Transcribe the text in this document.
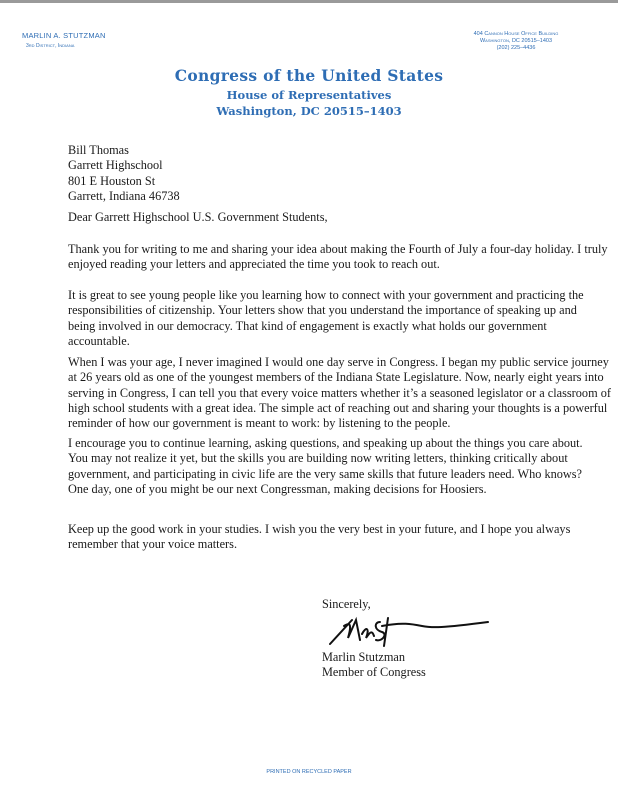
MARLIN A. STUTZMAN
3rd District, Indiana
404 Cannon House Office Building
Washington, DC 20515–1403
(202) 225–4436
Congress of the United States
House of Representatives
Washington, DC 20515–1403
Bill Thomas
Garrett Highschool
801 E Houston St
Garrett, Indiana 46738
Dear Garrett Highschool U.S. Government Students,
Thank you for writing to me and sharing your idea about making the Fourth of July a four-day holiday. I truly enjoyed reading your letters and appreciated the time you took to reach out.
It is great to see young people like you learning how to connect with your government and practicing the responsibilities of citizenship. Your letters show that you understand the importance of speaking up and being involved in our democracy. That kind of engagement is exactly what holds our government accountable.
When I was your age, I never imagined I would one day serve in Congress. I began my public service journey at 26 years old as one of the youngest members of the Indiana State Legislature. Now, nearly eight years into serving in Congress, I can tell you that every voice matters whether it’s a seasoned legislator or a classroom of high school students with a great idea. The simple act of reaching out and sharing your thoughts is a powerful reminder of how our government is meant to work: by listening to the people.
I encourage you to continue learning, asking questions, and speaking up about the things you care about. You may not realize it yet, but the skills you are building now writing letters, thinking critically about government, and participating in civic life are the very same skills that future leaders need. Who knows? One day, one of you might be our next Congressman, making decisions for Hoosiers.
Keep up the good work in your studies. I wish you the very best in your future, and I hope you always remember that your voice matters.
Sincerely,
Marlin Stutzman
Member of Congress
PRINTED ON RECYCLED PAPER
